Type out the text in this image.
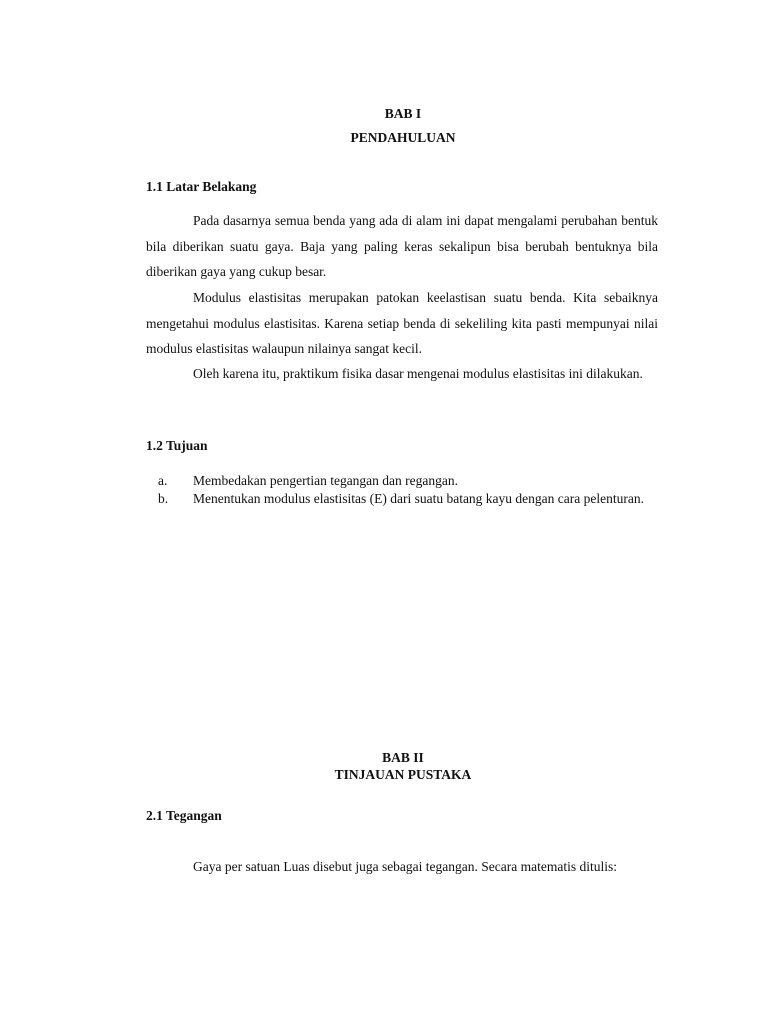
BAB I
PENDAHULUAN
1.1 Latar Belakang

Pada dasarnya semua benda yang ada di alam ini dapat mengalami perubahan bentuk bila diberikan suatu gaya. Baja yang paling keras sekalipun bisa berubah bentuknya bila diberikan gaya yang cukup besar.

Modulus elastisitas merupakan patokan keelastisan suatu benda. Kita sebaiknya mengetahui modulus elastisitas. Karena setiap benda di sekeliling kita pasti mempunyai nilai modulus elastisitas walaupun nilainya sangat kecil.

Oleh karena itu, praktikum fisika dasar mengenai modulus elastisitas ini dilakukan.

1.2 Tujuan
a.	Membedakan pengertian tegangan dan regangan.
b.	Menentukan modulus elastisitas (E) dari suatu batang kayu dengan cara pelenturan.
BAB II
TINJAUAN PUSTAKA
2.1 Tegangan

Gaya per satuan Luas disebut juga sebagai tegangan. Secara matematis ditulis:
